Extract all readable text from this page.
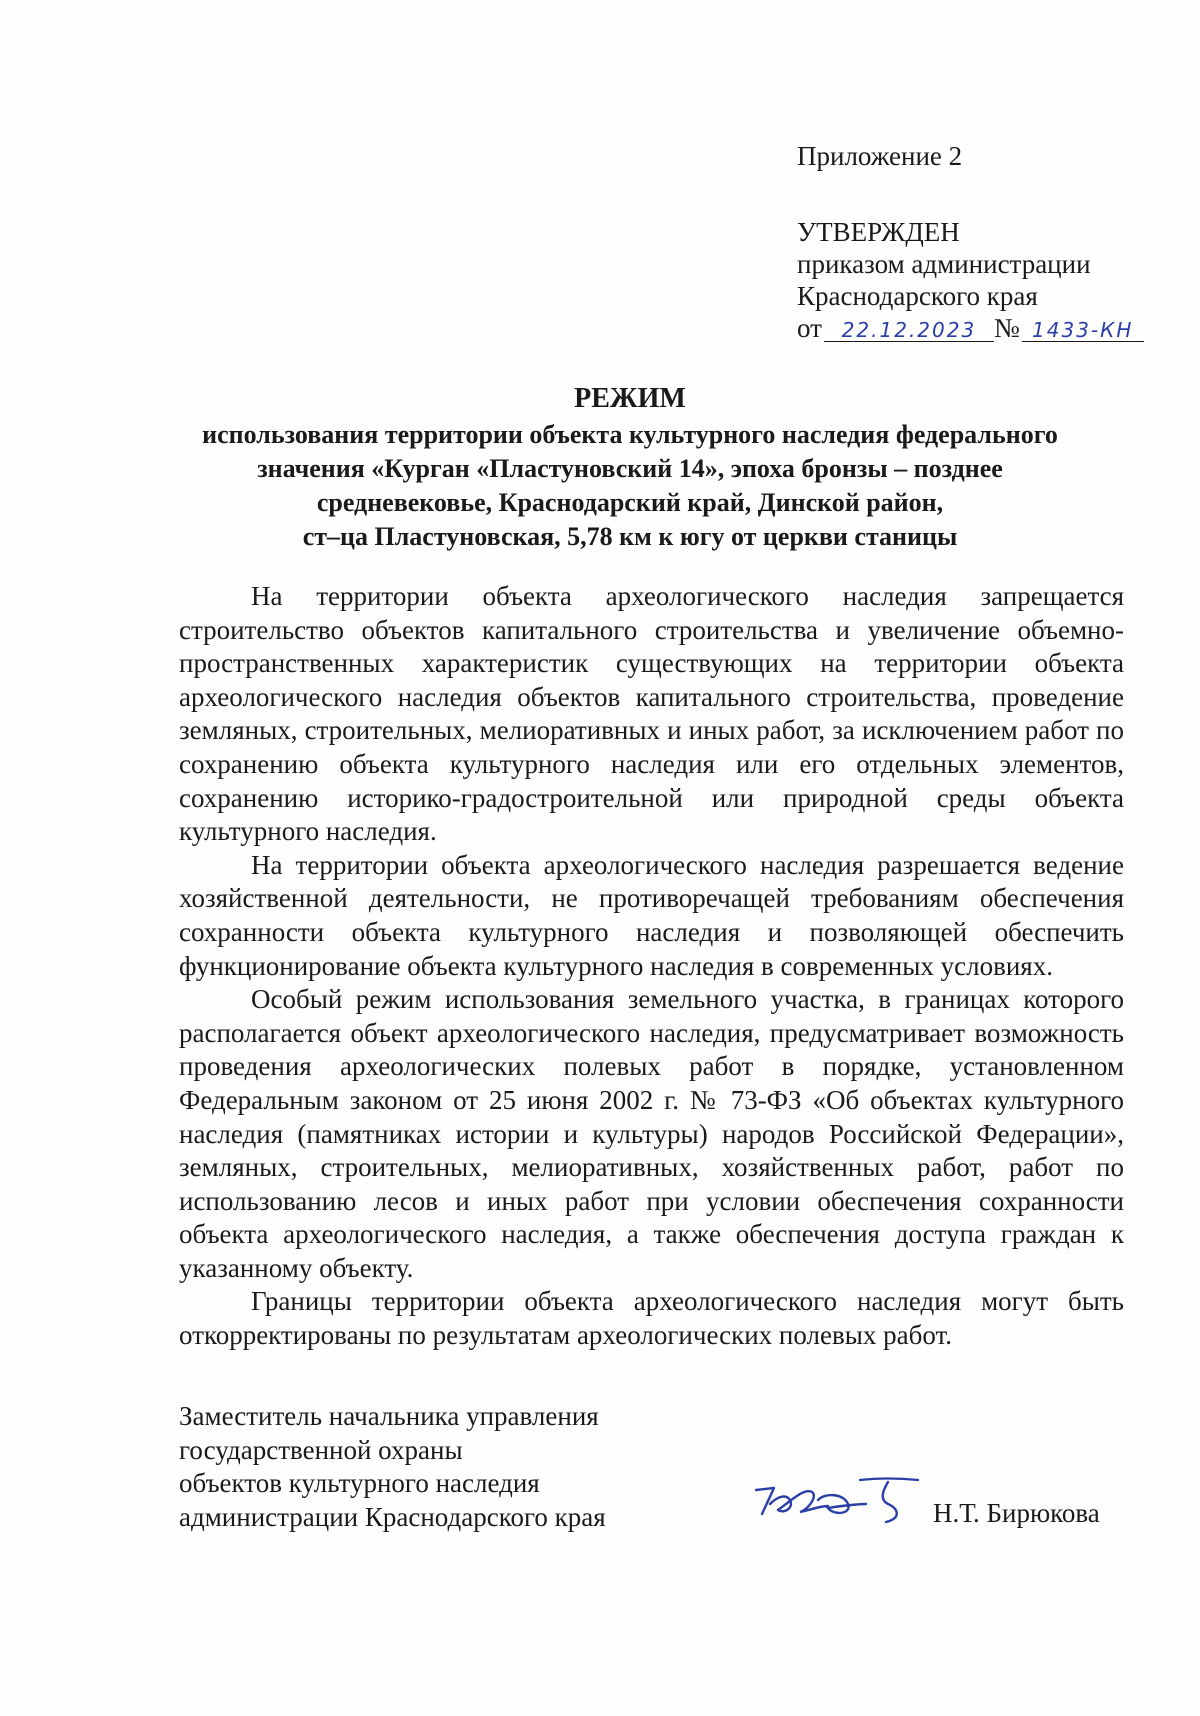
Приложение 2
УТВЕРЖДЕН
приказом администрации
Краснодарского края
от 22.12.2023 № 1433-КН
РЕЖИМ
использования территории объекта культурного наследия федерального
значения «Курган «Пластуновский 14», эпоха бронзы – позднее
средневековье, Краснодарский край, Динской район,
ст–ца Пластуновская, 5,78 км к югу от церкви станицы

На территории объекта археологического наследия запрещается строительство объектов капитального строительства и увеличение объемно-пространственных характеристик существующих на территории объекта археологического наследия объектов капитального строительства, проведение земляных, строительных, мелиоративных и иных работ, за исключением работ по сохранению объекта культурного наследия или его отдельных элементов, сохранению историко-градостроительной или природной среды объекта культурного наследия.

На территории объекта археологического наследия разрешается ведение хозяйственной деятельности, не противоречащей требованиям обеспечения сохранности объекта культурного наследия и позволяющей обеспечить функционирование объекта культурного наследия в современных условиях.

Особый режим использования земельного участка, в границах которого располагается объект археологического наследия, предусматривает возможность проведения археологических полевых работ в порядке, установленном Федеральным законом от 25 июня 2002 г. № 73-ФЗ «Об объектах культурного наследия (памятниках истории и культуры) народов Российской Федерации», земляных, строительных, мелиоративных, хозяйственных работ, работ по использованию лесов и иных работ при условии обеспечения сохранности объекта археологического наследия, а также обеспечения доступа граждан к указанному объекту.

Границы территории объекта археологического наследия могут быть откорректированы по результатам археологических полевых работ.

Заместитель начальника управления
государственной охраны
объектов культурного наследия
администрации Краснодарского края	Н.Т. Бирюкова
